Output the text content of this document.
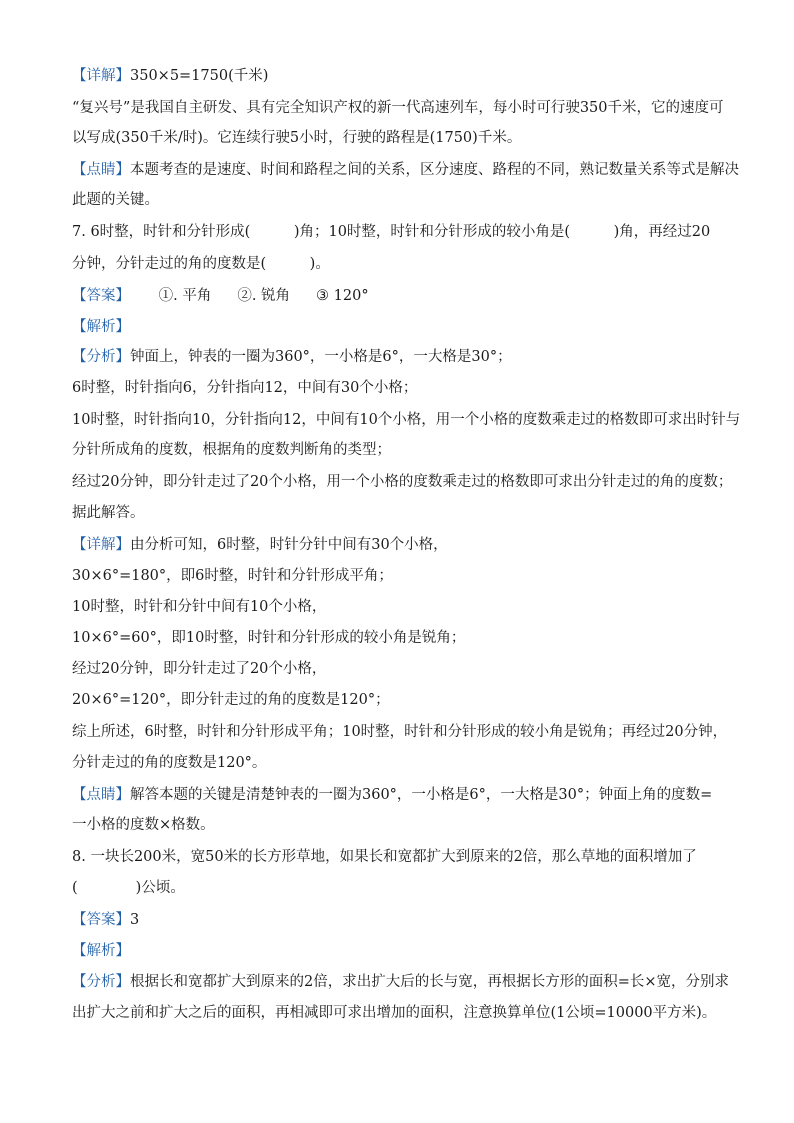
【详解】350×5=1750(千米)
“复兴号”是我国自主研发、具有完全知识产权的新一代高速列车，每小时可行驶350千米，它的速度可
以写成(350千米/时)。它连续行驶5小时，行驶的路程是(1750)千米。
【点睛】本题考查的是速度、时间和路程之间的关系，区分速度、路程的不同，熟记数量关系等式是解决
此题的关键。
7. 6时整，时针和分针形成(　　　)角；10时整，时针和分针形成的较小角是(　　　)角，再经过20
分钟，分针走过的角的度数是(　　　)。
【答案】 ①. 平角 ②. 锐角 ③ 120°
【解析】
【分析】钟面上，钟表的一圈为360°，一小格是6°，一大格是30°；
6时整，时针指向6，分针指向12，中间有30个小格；
10时整，时针指向10，分针指向12，中间有10个小格，用一个小格的度数乘走过的格数即可求出时针与
分针所成角的度数，根据角的度数判断角的类型；
经过20分钟，即分针走过了20个小格，用一个小格的度数乘走过的格数即可求出分针走过的角的度数；
据此解答。
【详解】由分析可知，6时整，时针分针中间有30个小格，
30×6°=180°，即6时整，时针和分针形成平角；
10时整，时针和分针中间有10个小格，
10×6°=60°，即10时整，时针和分针形成的较小角是锐角；
经过20分钟，即分针走过了20个小格，
20×6°=120°，即分针走过的角的度数是120°；
综上所述，6时整，时针和分针形成平角；10时整，时针和分针形成的较小角是锐角；再经过20分钟，
分针走过的角的度数是120°。
【点睛】解答本题的关键是清楚钟表的一圈为360°，一小格是6°，一大格是30°；钟面上角的度数=
一小格的度数×格数。
8. 一块长200米，宽50米的长方形草地，如果长和宽都扩大到原来的2倍，那么草地的面积增加了
(　　　　)公顷。
【答案】3
【解析】
【分析】根据长和宽都扩大到原来的2倍，求出扩大后的长与宽，再根据长方形的面积=长×宽，分别求
出扩大之前和扩大之后的面积，再相减即可求出增加的面积，注意换算单位(1公顷=10000平方米)。
